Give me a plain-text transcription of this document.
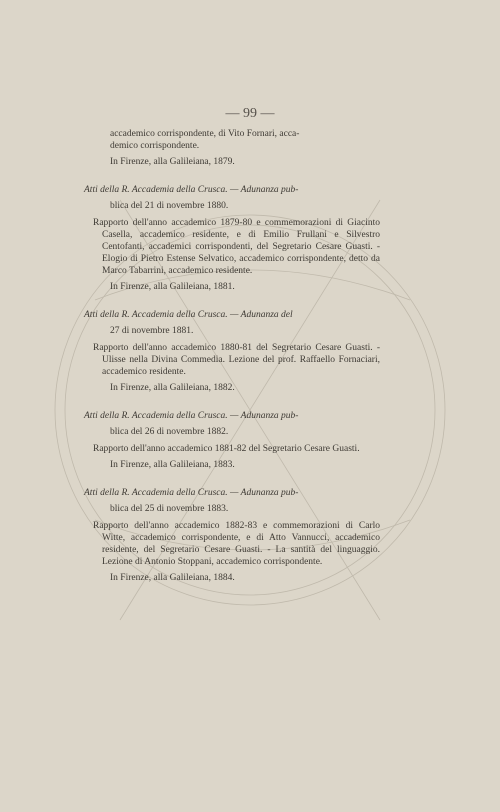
— 99 —
accademico corrispondente, di Vito Fornari, acca-
demico corrispondente.
In Firenze, alla Galileiana, 1879.
Atti della R. Accademia della Crusca. — Adunanza pub-
blica del 21 di novembre 1880.

Rapporto dell'anno accademico 1879-80 e commemorazioni di Giacinto Casella, accademico residente, e di Emilio Frullani e Silvestro Centofanti, accademici corrispondenti, del Segretario Cesare Guasti. - Elogio di Pietro Estense Selvatico, accademico corrispondente, detto da Marco Tabarrini, accademico residente.

In Firenze, alla Galileiana, 1881.
Atti della R. Accademia della Crusca. — Adunanza del
27 di novembre 1881.

Rapporto dell'anno accademico 1880-81 del Segretario Cesare Guasti. - Ulisse nella Divina Commedia. Lezione del prof. Raffaello Fornaciari, accademico residente.

In Firenze, alla Galileiana, 1882.
Atti della R. Accademia della Crusca. — Adunanza pub-
blica del 26 di novembre 1882.

Rapporto dell'anno accademico 1881-82 del Segretario Cesare Guasti.

In Firenze, alla Galileiana, 1883.
Atti della R. Accademia della Crusca. — Adunanza pub-
blica del 25 di novembre 1883.

Rapporto dell'anno accademico 1882-83 e commemorazioni di Carlo Witte, accademico corrispondente, e di Atto Vannucci, accademico residente, del Segretario Cesare Guasti. - La santità del linguaggio. Lezione di Antonio Stoppani, accademico corrispondente.

In Firenze, alla Galileiana, 1884.
